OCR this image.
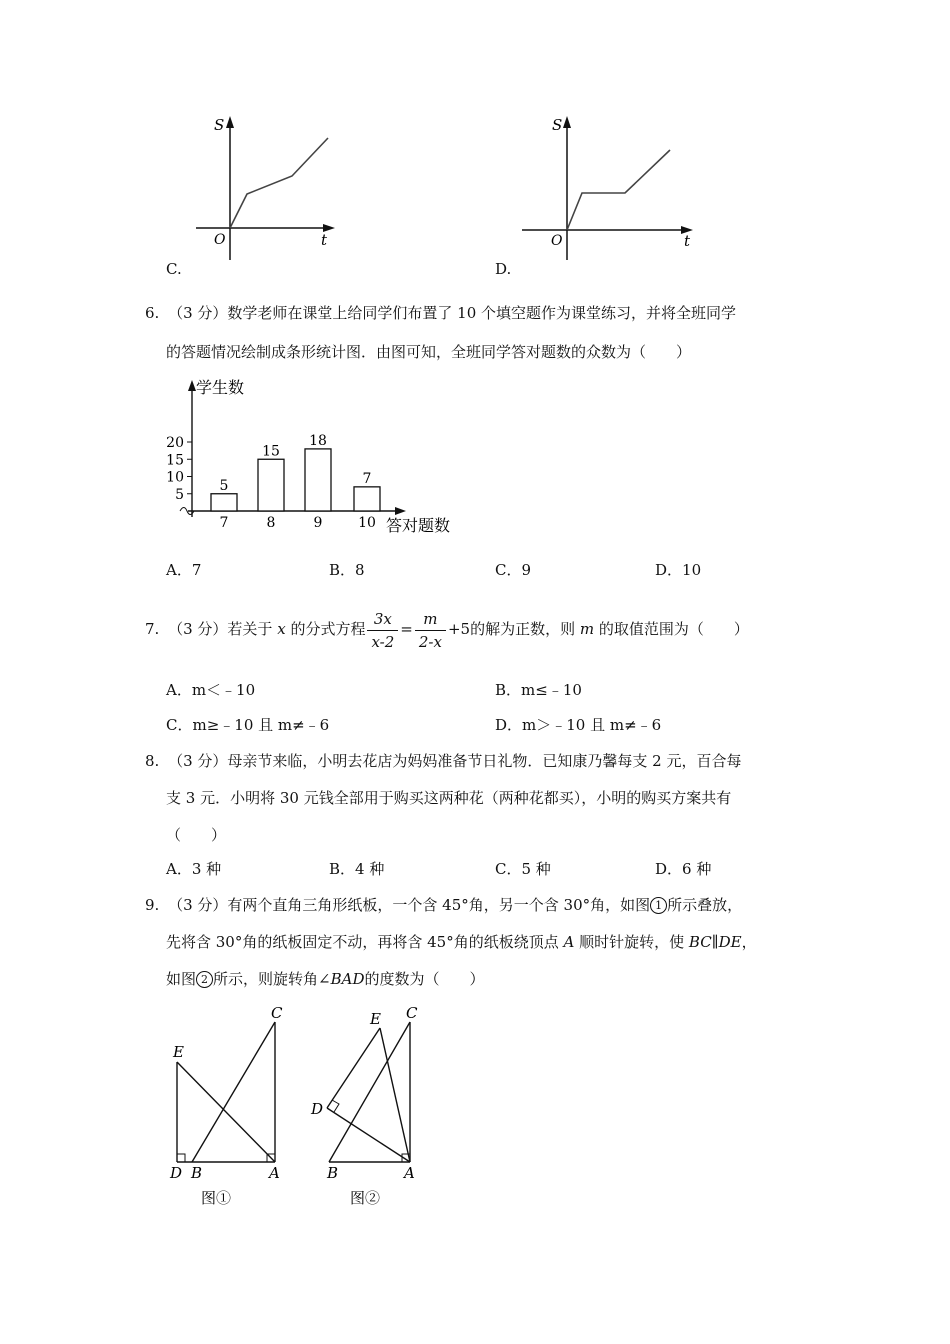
S
O	t
C.
S
O	t
D.
6. （3 分）数学老师在课堂上给同学们布置了 10 个填空题作为课堂练习，并将全班同学
的答题情况绘制成条形统计图．由图可知，全班同学答对题数的众数为（　　）
学生数
答对题数
5
10
15
20
5
7
15
8
18
9
7
10
A．7	B．8	C．9	D．10
7. （3 分）若关于 x 的分式方程 $\frac{3x}{x-2} = \frac{m}{2-x} +5$的解为正数，则 m 的取值范围为（　　）
A．m＜﹣10	B．m≤﹣10
C．m≥﹣10 且 m≠﹣6	D．m＞﹣10 且 m≠﹣6
8. （3 分）母亲节来临，小明去花店为妈妈准备节日礼物．已知康乃馨每支 2 元，百合每
支 3 元．小明将 30 元钱全部用于购买这两种花（两种花都买），小明的购买方案共有
（　　）
A．3 种	B．4 种	C．5 种	D．6 种
9. （3 分）有两个直角三角形纸板，一个含 45°角，另一个含 30°角，如图 1 所示叠放，
先将含 30°角的纸板固定不动，再将含 45°角的纸板绕顶点 A 顺时针旋转，使 BC∥DE，
如图 2 所示，则旋转角∠BAD的度数为（　　）
C
E
D B	A
图①
C
E
D
B	A
图②
